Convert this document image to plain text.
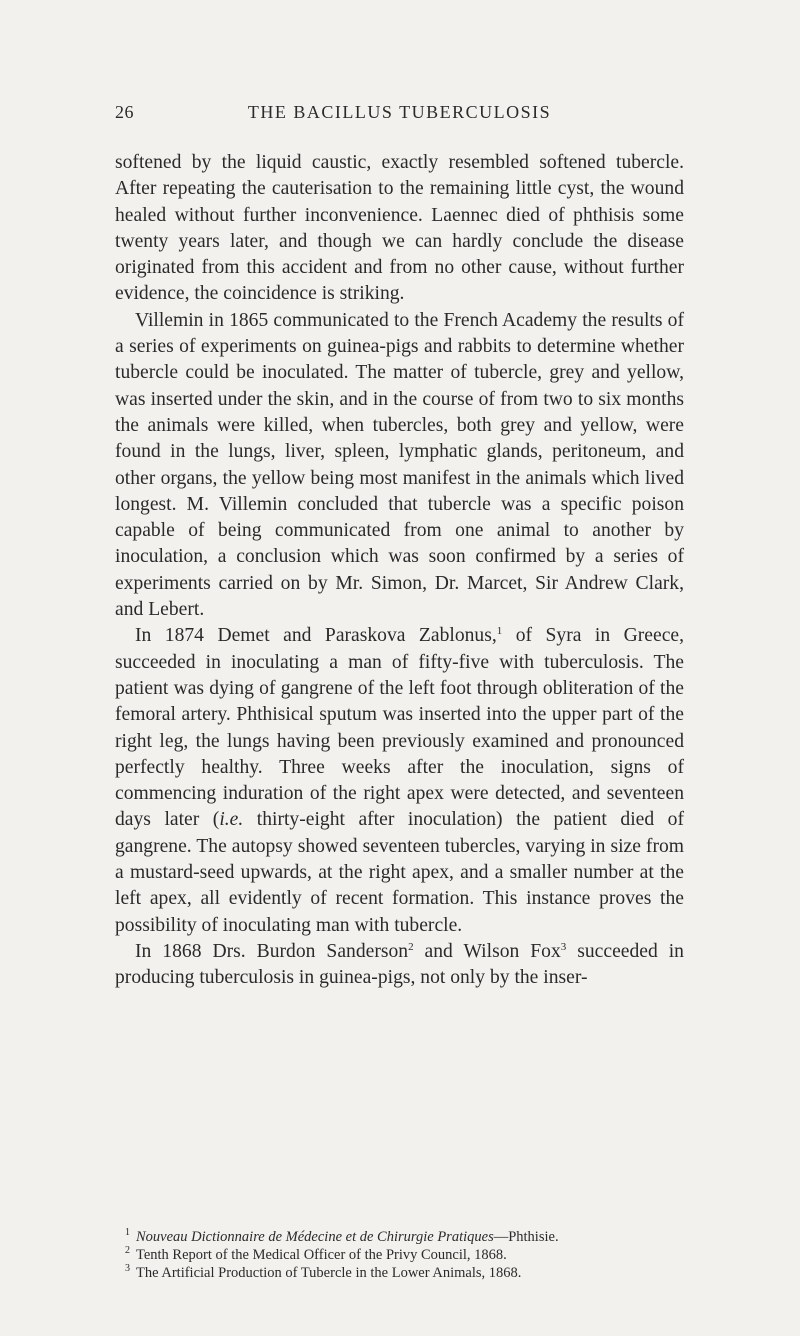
26	THE BACILLUS TUBERCULOSIS

softened by the liquid caustic, exactly resembled softened tubercle. After repeating the cauterisation to the remaining little cyst, the wound healed without further inconvenience. Laennec died of phthisis some twenty years later, and though we can hardly conclude the disease originated from this accident and from no other cause, without further evidence, the coincidence is striking.

Villemin in 1865 communicated to the French Academy the results of a series of experiments on guinea-pigs and rabbits to determine whether tubercle could be inoculated. The matter of tubercle, grey and yellow, was inserted under the skin, and in the course of from two to six months the animals were killed, when tubercles, both grey and yellow, were found in the lungs, liver, spleen, lymphatic glands, peritoneum, and other organs, the yellow being most manifest in the animals which lived longest. M. Villemin concluded that tubercle was a specific poison capable of being communicated from one animal to another by inoculation, a conclusion which was soon confirmed by a series of experiments carried on by Mr. Simon, Dr. Marcet, Sir Andrew Clark, and Lebert.

In 1874 Demet and Paraskova Zablonus,$^1$ of Syra in Greece, succeeded in inoculating a man of fifty-five with tuberculosis. The patient was dying of gangrene of the left foot through obliteration of the femoral artery. Phthisical sputum was inserted into the upper part of the right leg, the lungs having been previously examined and pronounced perfectly healthy. Three weeks after the inoculation, signs of commencing induration of the right apex were detected, and seventeen days later (i.e. thirty-eight after inoculation) the patient died of gangrene. The autopsy showed seventeen tubercles, varying in size from a mustard-seed upwards, at the right apex, and a smaller number at the left apex, all evidently of recent formation. This instance proves the possibility of inoculating man with tubercle.

In 1868 Drs. Burdon Sanderson$^2$ and Wilson Fox$^3$ succeeded in producing tuberculosis in guinea-pigs, not only by the inser-

1 Nouveau Dictionnaire de Médecine et de Chirurgie Pratiques—Phthisie.
2 Tenth Report of the Medical Officer of the Privy Council, 1868.
3 The Artificial Production of Tubercle in the Lower Animals, 1868.
